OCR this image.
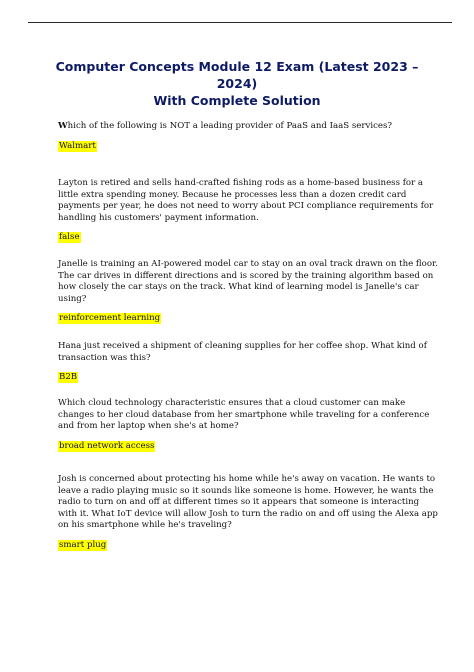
Computer Concepts Module 12 Exam (Latest 2023 – 2024)
With Complete Solution

Which of the following is NOT a leading provider of PaaS and IaaS services?

Walmart

Layton is retired and sells hand-crafted fishing rods as a home-based business for a little extra spending money. Because he processes less than a dozen credit card payments per year, he does not need to worry about PCI compliance requirements for handling his customers' payment information.

false

Janelle is training an AI-powered model car to stay on an oval track drawn on the floor. The car drives in different directions and is scored by the training algorithm based on how closely the car stays on the track. What kind of learning model is Janelle's car using?

reinforcement learning

Hana just received a shipment of cleaning supplies for her coffee shop. What kind of transaction was this?

B2B

Which cloud technology characteristic ensures that a cloud customer can make changes to her cloud database from her smartphone while traveling for a conference and from her laptop when she's at home?

broad network access

Josh is concerned about protecting his home while he's away on vacation. He wants to leave a radio playing music so it sounds like someone is home. However, he wants the radio to turn on and off at different times so it appears that someone is interacting with it. What IoT device will allow Josh to turn the radio on and off using the Alexa app on his smartphone while he's traveling?

smart plug
